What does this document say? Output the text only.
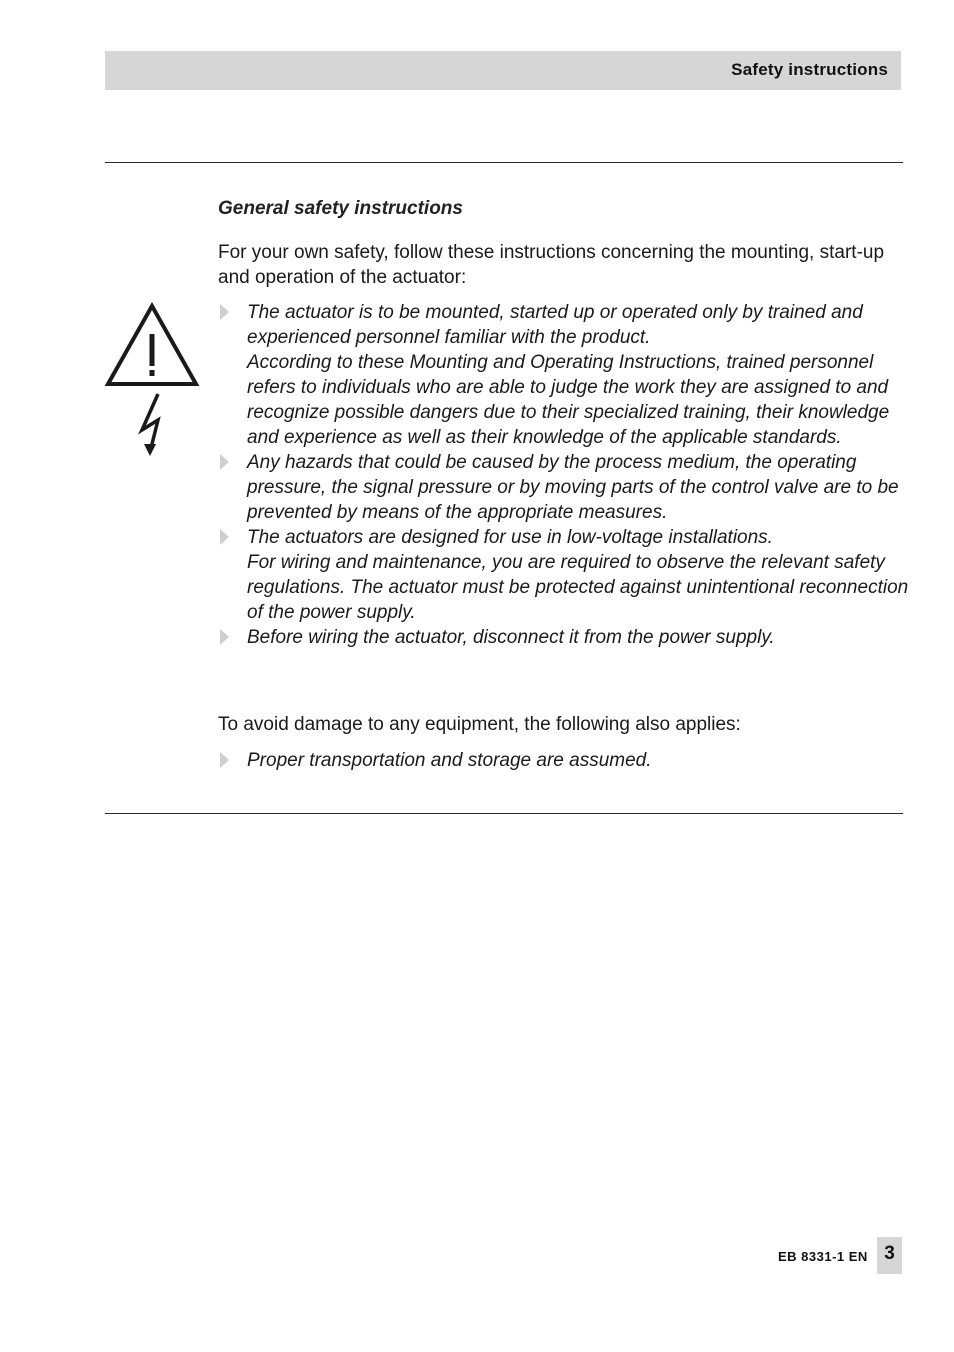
Safety instructions
General safety instructions
For your own safety, follow these instructions concerning the mounting, start-up and operation of the actuator:

The actuator is to be mounted, started up or operated only by trained and experienced personnel familiar with the product.

According to these Mounting and Operating Instructions, trained personnel refers to individuals who are able to judge the work they are assigned to and recognize possible dangers due to their specialized training, their knowledge and experience as well as their knowledge of the applicable standards.

Any hazards that could be caused by the process medium, the operating pressure, the signal pressure or by moving parts of the control valve are to be prevented by means of the appropriate measures.

The actuators are designed for use in low-voltage installations.

For wiring and maintenance, you are required to observe the relevant safety regulations. The actuator must be protected against unintentional reconnection of the power supply.

Before wiring the actuator, disconnect it from the power supply.

To avoid damage to any equipment, the following also applies:

Proper transportation and storage are assumed.

EB 8331-1 EN 3
